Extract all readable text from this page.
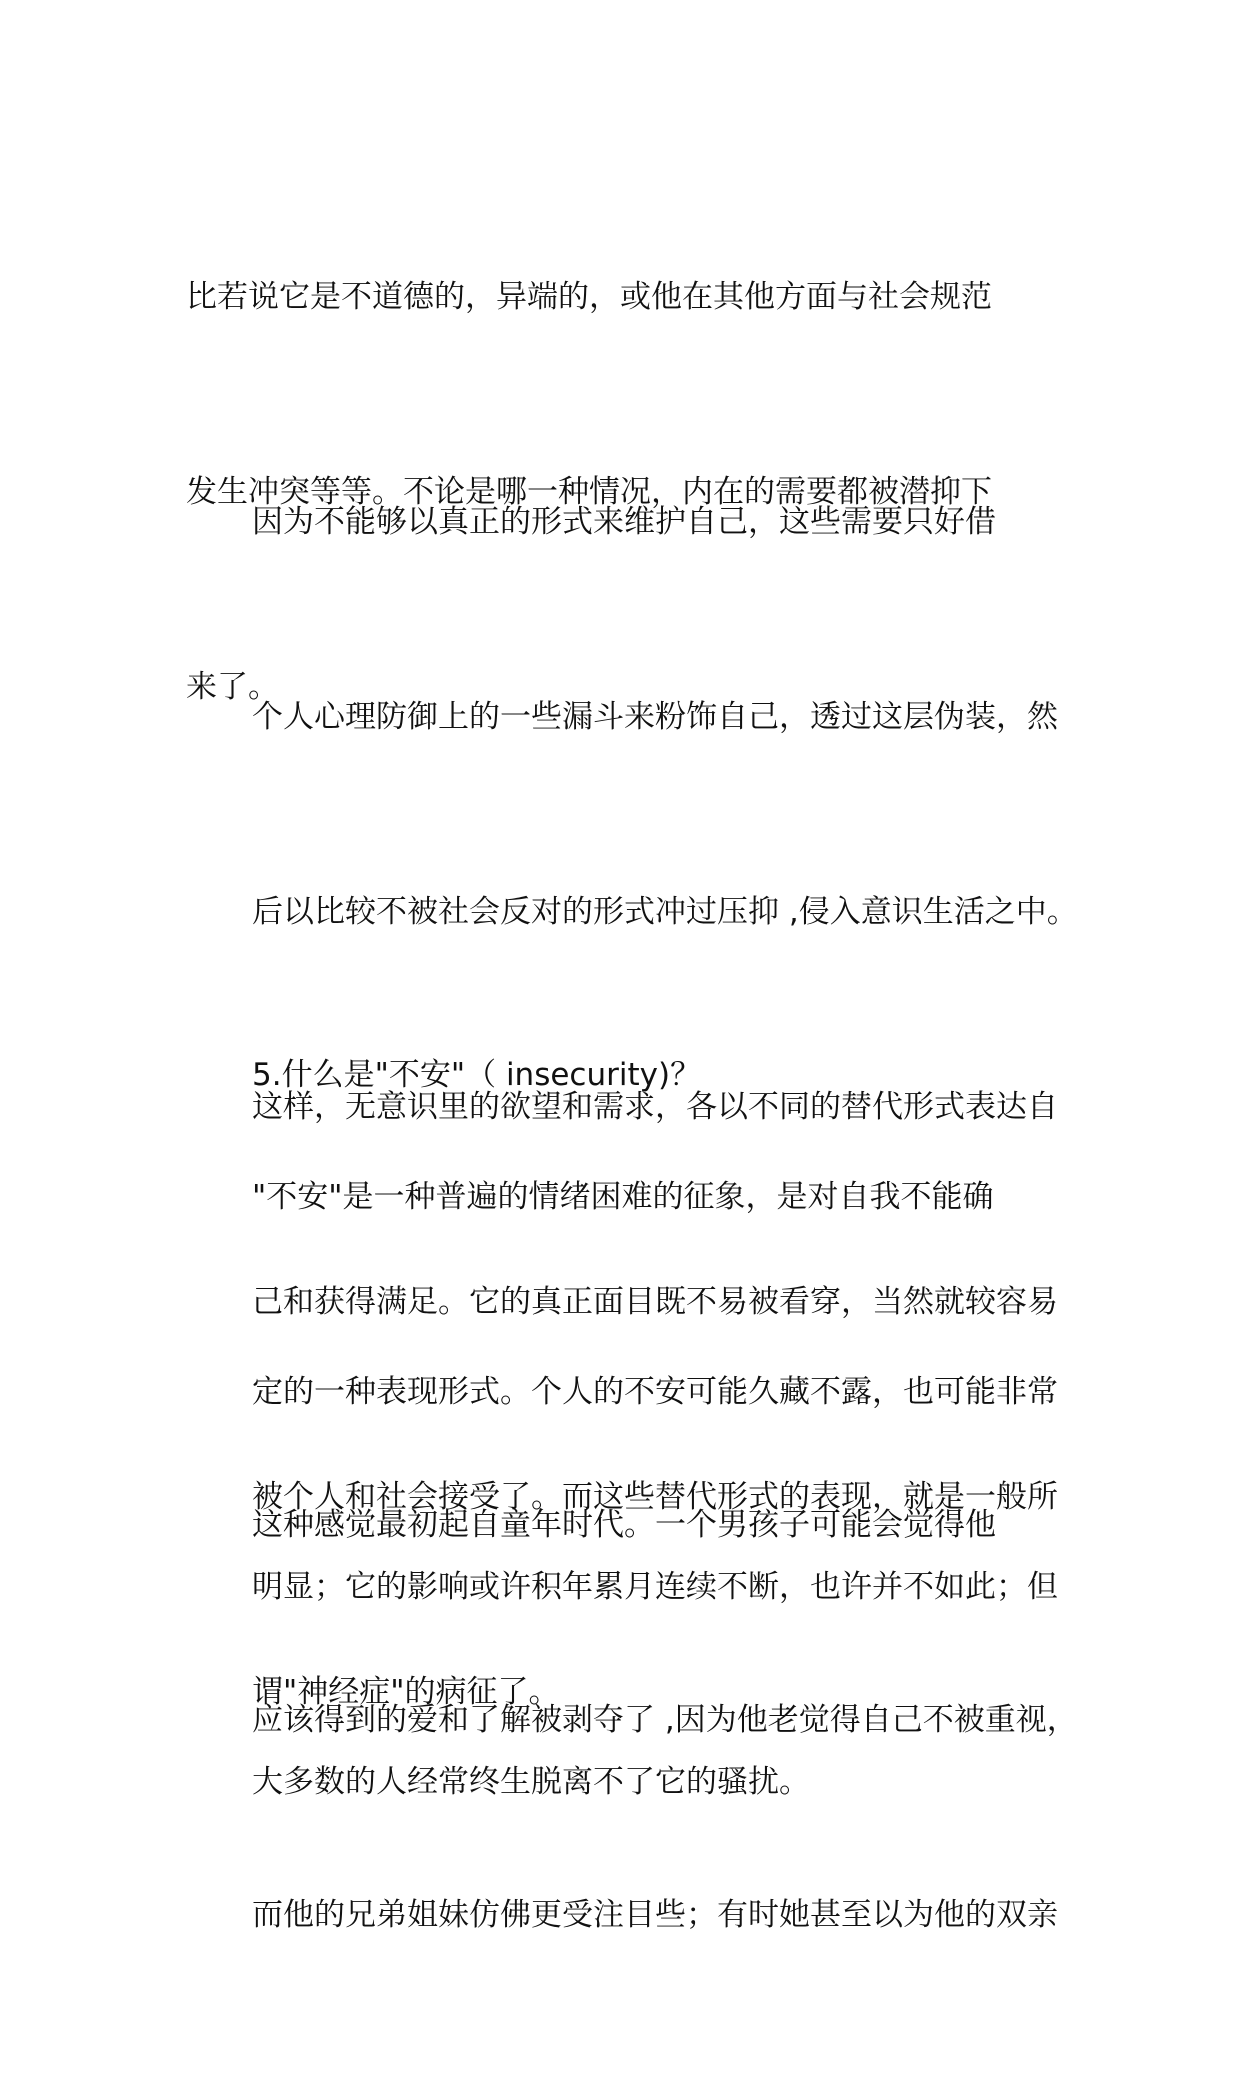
比若说它是不道德的，异端的，或他在其他方面与社会规范

发生冲突等等。不论是哪一种情况，内在的需要都被潜抑下

来了。

因为不能够以真正的形式来维护自己，这些需要只好借

个人心理防御上的一些漏斗来粉饰自己，透过这层伪装，然

后以比较不被社会反对的形式冲过压抑 ,侵入意识生活之中。

这样，无意识里的欲望和需求，各以不同的替代形式表达自

己和获得满足。它的真正面目既不易被看穿，当然就较容易

被个人和社会接受了。而这些替代形式的表现，就是一般所

谓"神经症"的病征了。

5.什么是"不安"（ insecurity)？

"不安"是一种普遍的情绪困难的征象，是对自我不能确

定的一种表现形式。个人的不安可能久藏不露，也可能非常

明显；它的影响或许积年累月连续不断，也许并不如此；但

大多数的人经常终生脱离不了它的骚扰。

这种感觉最初起自童年时代。一个男孩子可能会觉得他

应该得到的爱和了解被剥夺了 ,因为他老觉得自己不被重视，

而他的兄弟姐妹仿佛更受注目些；有时她甚至以为他的双亲
